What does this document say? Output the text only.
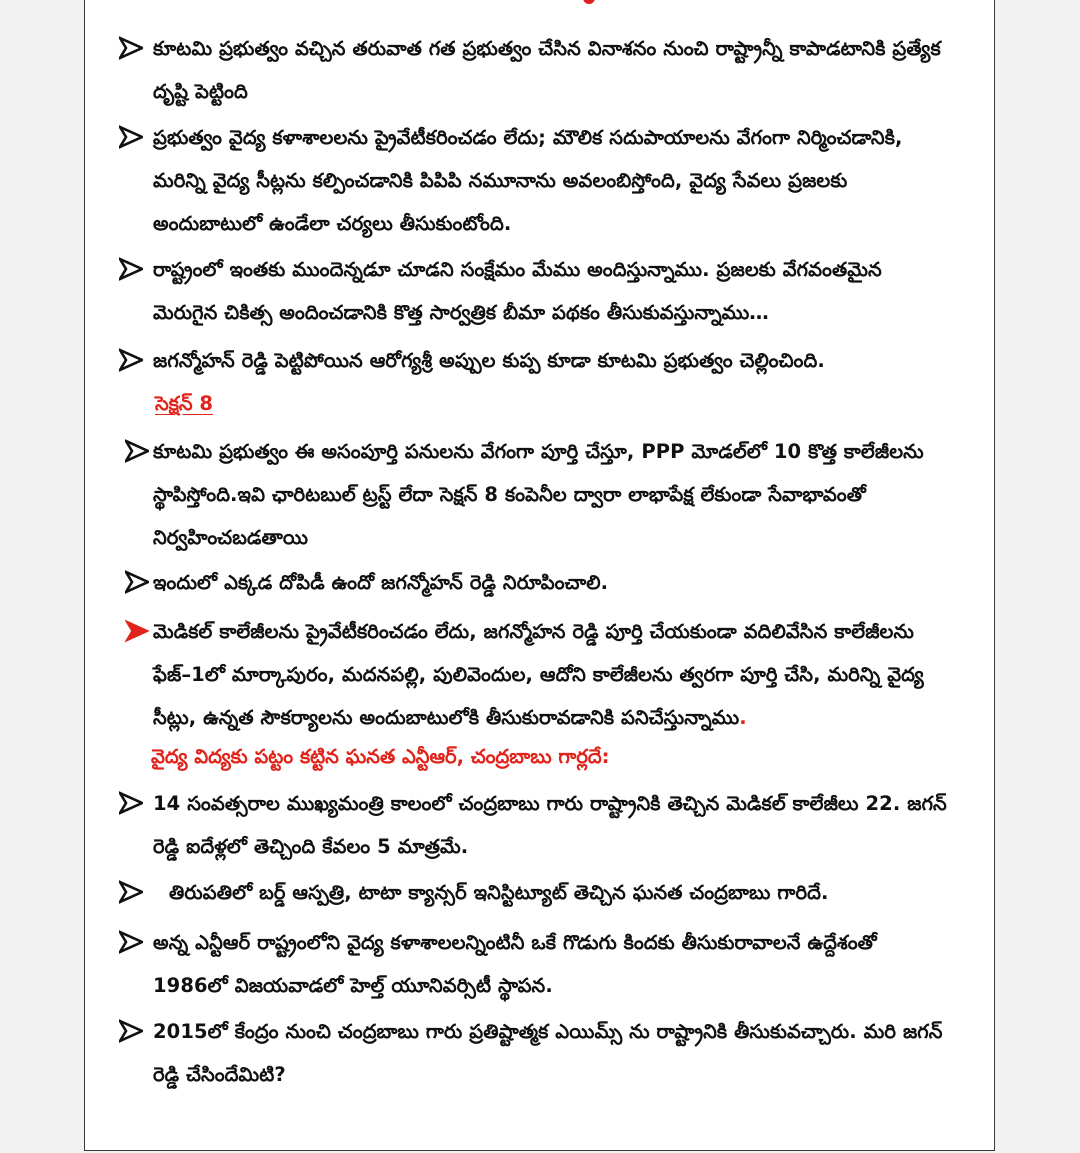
కూటమి ప్రభుత్వం వచ్చిన తరువాత గత ప్రభుత్వం చేసిన వినాశనం నుంచి రాష్ట్రాన్నీ కాపాడటానికి ప్రత్యేక దృష్టి పెట్టింది
ప్రభుత్వం వైద్య కళాశాలలను ప్రైవేటీకరించడం లేదు; మౌలిక సదుపాయాలను వేగంగా నిర్మించడానికి, మరిన్ని వైద్య సీట్లను కల్పించడానికి పిపిపి నమూనాను అవలంబిస్తోంది, వైద్య సేవలు ప్రజలకు అందుబాటులో ఉండేలా చర్యలు తీసుకుంటోంది.
రాష్ట్రంలో ఇంతకు ముందెన్నడూ చూడని సంక్షేమం మేము అందిస్తున్నాము. ప్రజలకు వేగవంతమైన మెరుగైన చికిత్స అందించడానికి కొత్త సార్వత్రిక బీమా పథకం తీసుకువస్తున్నాము…
జగన్మోహన్ రెడ్డి పెట్టిపోయిన ఆరోగ్యశ్రీ అప్పుల కుప్ప కూడా కూటమి ప్రభుత్వం చెల్లించింది.
సెక్షన్ 8
కూటమి ప్రభుత్వం ఈ అసంపూర్తి పనులను వేగంగా పూర్తి చేస్తూ, PPP మోడల్‌లో 10 కొత్త కాలేజీలను స్థాపిస్తోంది.ఇవి ఛారిటబుల్ ట్రస్ట్ లేదా సెక్షన్ 8 కంపెనీల ద్వారా లాభాపేక్ష లేకుండా సేవాభావంతో నిర్వహించబడతాయి
ఇందులో ఎక్కడ దోపిడీ ఉందో జగన్మోహన్ రెడ్డి నిరూపించాలి.
మెడికల్ కాలేజీలను ప్రైవేటీకరించడం లేదు, జగన్మోహన రెడ్డి పూర్తి చేయకుండా వదిలివేసిన కాలేజీలను ఫేజ్–1లో మార్కాపురం, మదనపల్లి, పులివెందుల, ఆదోని కాలేజీలను త్వరగా పూర్తి చేసి, మరిన్ని వైద్య సీట్లు, ఉన్నత సౌకర్యాలను అందుబాటులోకి తీసుకురావడానికి పనిచేస్తున్నాము.
వైద్య విద్యకు పట్టం కట్టిన ఘనత ఎన్టీఆర్, చంద్రబాబు గార్లదే:
14 సంవత్సరాల ముఖ్యమంత్రి కాలంలో చంద్రబాబు గారు రాష్ట్రానికి తెచ్చిన మెడికల్ కాలేజీలు 22. జగన్ రెడ్డి ఐదేళ్లలో తెచ్చింది కేవలం 5 మాత్రమే.
తిరుపతిలో బర్డ్ ఆస్పత్రి, టాటా క్యాన్సర్ ఇనిస్టిట్యూట్ తెచ్చిన ఘనత చంద్రబాబు గారిదే.
అన్న ఎన్టీఆర్ రాష్ట్రంలోని వైద్య కళాశాలలన్నింటినీ ఒకే గొడుగు కిందకు తీసుకురావాలనే ఉద్దేశంతో 1986లో విజయవాడలో హెల్త్ యూనివర్సిటీ స్థాపన.
2015లో కేంద్రం నుంచి చంద్రబాబు గారు ప్రతిష్టాత్మక ఎయిమ్స్ ను రాష్ట్రానికి తీసుకువచ్చారు. మరి జగన్ రెడ్డి చేసిందేమిటి?
